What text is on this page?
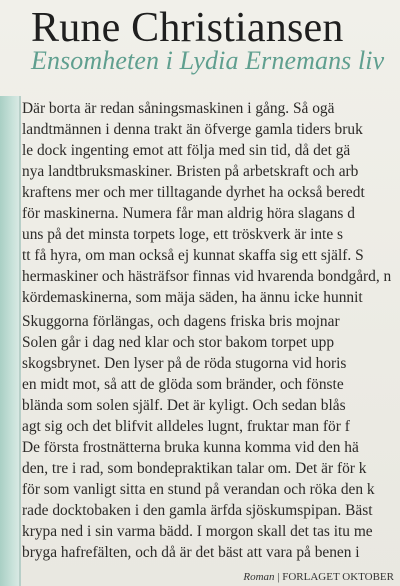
Rune Christiansen
Ensomheten i Lydia Ernemans liv
Där borta är redan såningsmaskinen i gång. Så ogä
landtmännen i denna trakt än öfverge gamla tiders bruk
le dock ingenting emot att följa med sin tid, då det gä
nya landtbruksmaskiner. Bristen på arbetskraft och arb
kraftens mer och mer tilltagande dyrhet ha också beredt
för maskinerna. Numera får man aldrig höra slagans d
uns på det minsta torpets loge, ett tröskverk är inte s
tt få hyra, om man också ej kunnat skaffa sig ett själf. S
hermaskiner och hästräfsor finnas vid hvarenda bondgård, n
kördemaskinerna, som mäja säden, ha ännu icke hunnit
Skuggorna förlängas, och dagens friska bris mojnar
Solen går i dag ned klar och stor bakom torpet upp
skogsbrynet. Den lyser på de röda stugorna vid horis
en midt mot, så att de glöda som bränder, och fönste
blända som solen själf. Det är kyligt. Och sedan blås
agt sig och det blifvit alldeles lugnt, fruktar man för f
De första frostnätterna bruka kunna komma vid den hä
den, tre i rad, som bondepraktikan talar om. Det är för k
för som vanligt sitta en stund på verandan och röka den k
rade docktobaken i den gamla ärfda sjöskumspipan. Bäst
krypa ned i sin varma bädd. I morgon skall det tas itu me
bryga hafrefälten, och då är det bäst att vara på benen i
Roman | FORLAGET OKTOBER
